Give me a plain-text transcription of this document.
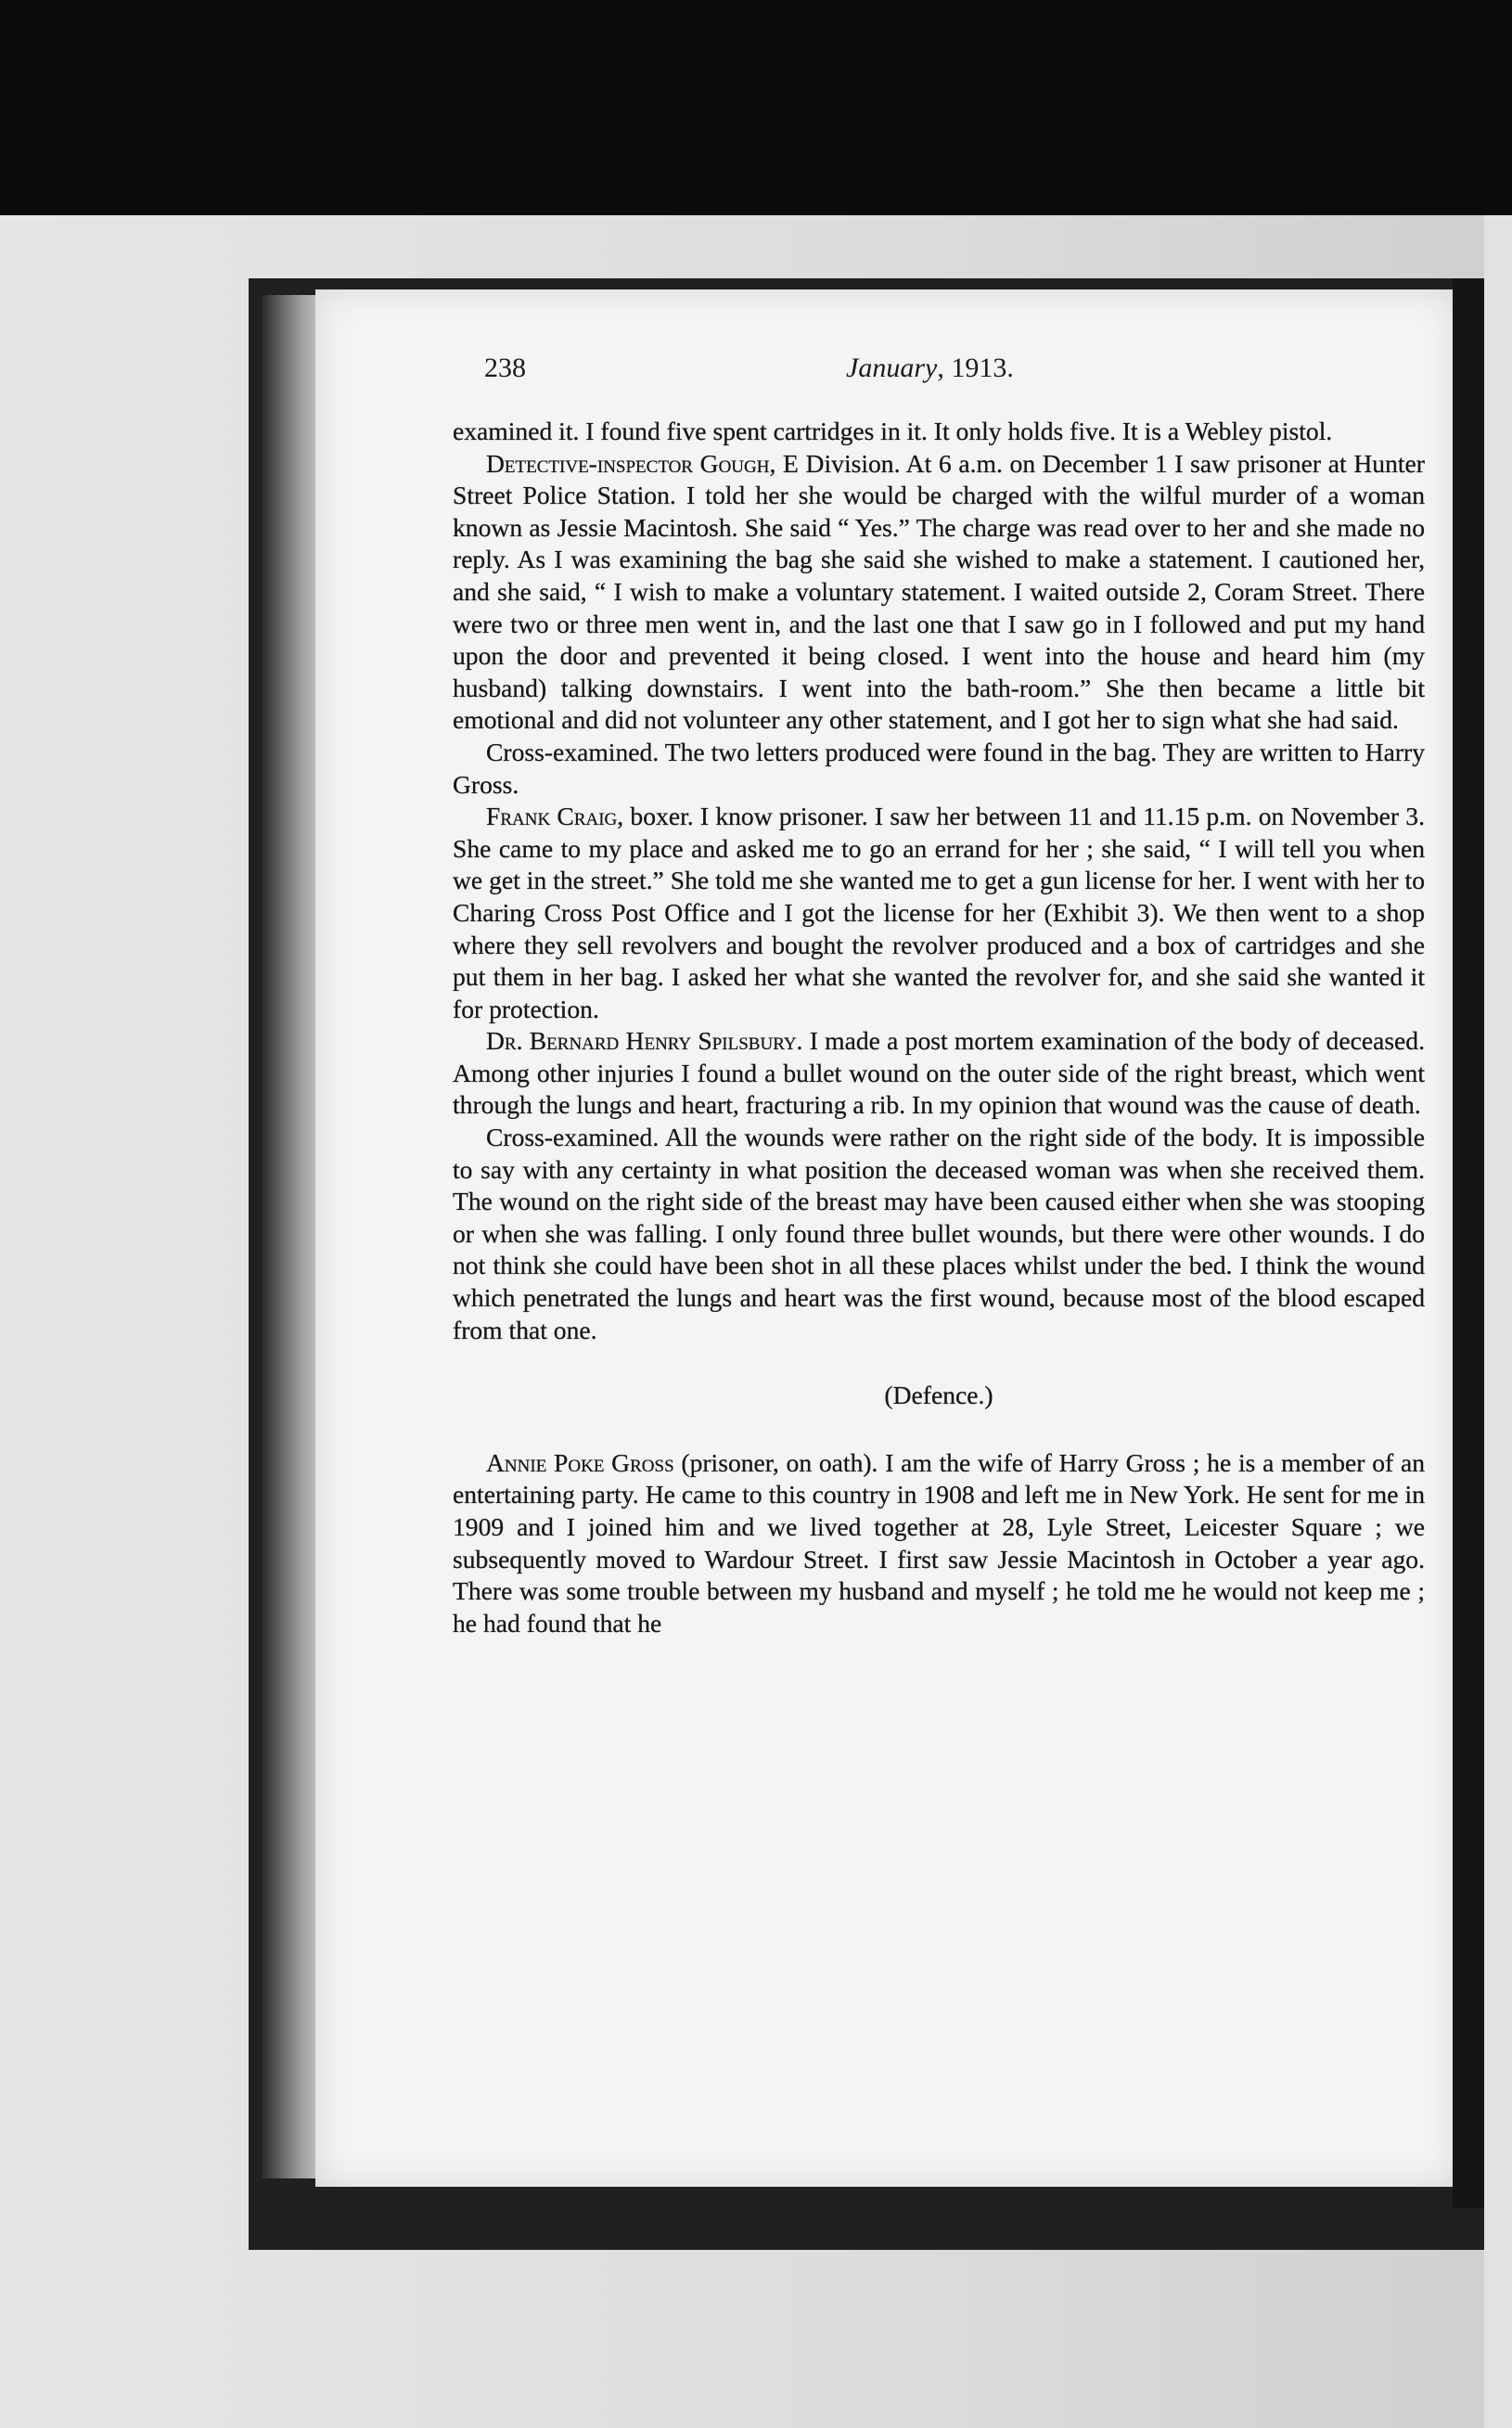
238	January, 1913.

examined it. I found five spent cartridges in it. It only holds five. It is a Webley pistol.

Detective-inspector Gough, E Division. At 6 a.m. on December 1 I saw prisoner at Hunter Street Police Station. I told her she would be charged with the wilful murder of a woman known as Jessie Macintosh. She said “ Yes.” The charge was read over to her and she made no reply. As I was examining the bag she said she wished to make a statement. I cautioned her, and she said, “ I wish to make a voluntary statement. I waited outside 2, Coram Street. There were two or three men went in, and the last one that I saw go in I followed and put my hand upon the door and prevented it being closed. I went into the house and heard him (my husband) talking downstairs. I went into the bath-room.” She then became a little bit emotional and did not volunteer any other statement, and I got her to sign what she had said.

Cross-examined. The two letters produced were found in the bag. They are written to Harry Gross.

Frank Craig, boxer. I know prisoner. I saw her between 11 and 11.15 p.m. on November 3. She came to my place and asked me to go an errand for her ; she said, “ I will tell you when we get in the street.” She told me she wanted me to get a gun license for her. I went with her to Charing Cross Post Office and I got the license for her (Exhibit 3). We then went to a shop where they sell revolvers and bought the revolver produced and a box of cartridges and she put them in her bag. I asked her what she wanted the revolver for, and she said she wanted it for protection.

Dr. Bernard Henry Spilsbury. I made a post mortem examination of the body of deceased. Among other injuries I found a bullet wound on the outer side of the right breast, which went through the lungs and heart, fracturing a rib. In my opinion that wound was the cause of death.

Cross-examined. All the wounds were rather on the right side of the body. It is impossible to say with any certainty in what position the deceased woman was when she received them. The wound on the right side of the breast may have been caused either when she was stooping or when she was falling. I only found three bullet wounds, but there were other wounds. I do not think she could have been shot in all these places whilst under the bed. I think the wound which penetrated the lungs and heart was the first wound, because most of the blood escaped from that one.

(Defence.)

Annie Poke Gross (prisoner, on oath). I am the wife of Harry Gross ; he is a member of an entertaining party. He came to this country in 1908 and left me in New York. He sent for me in 1909 and I joined him and we lived together at 28, Lyle Street, Leicester Square ; we subsequently moved to Wardour Street. I first saw Jessie Macintosh in October a year ago. There was some trouble between my husband and myself ; he told me he would not keep me ; he had found that he
